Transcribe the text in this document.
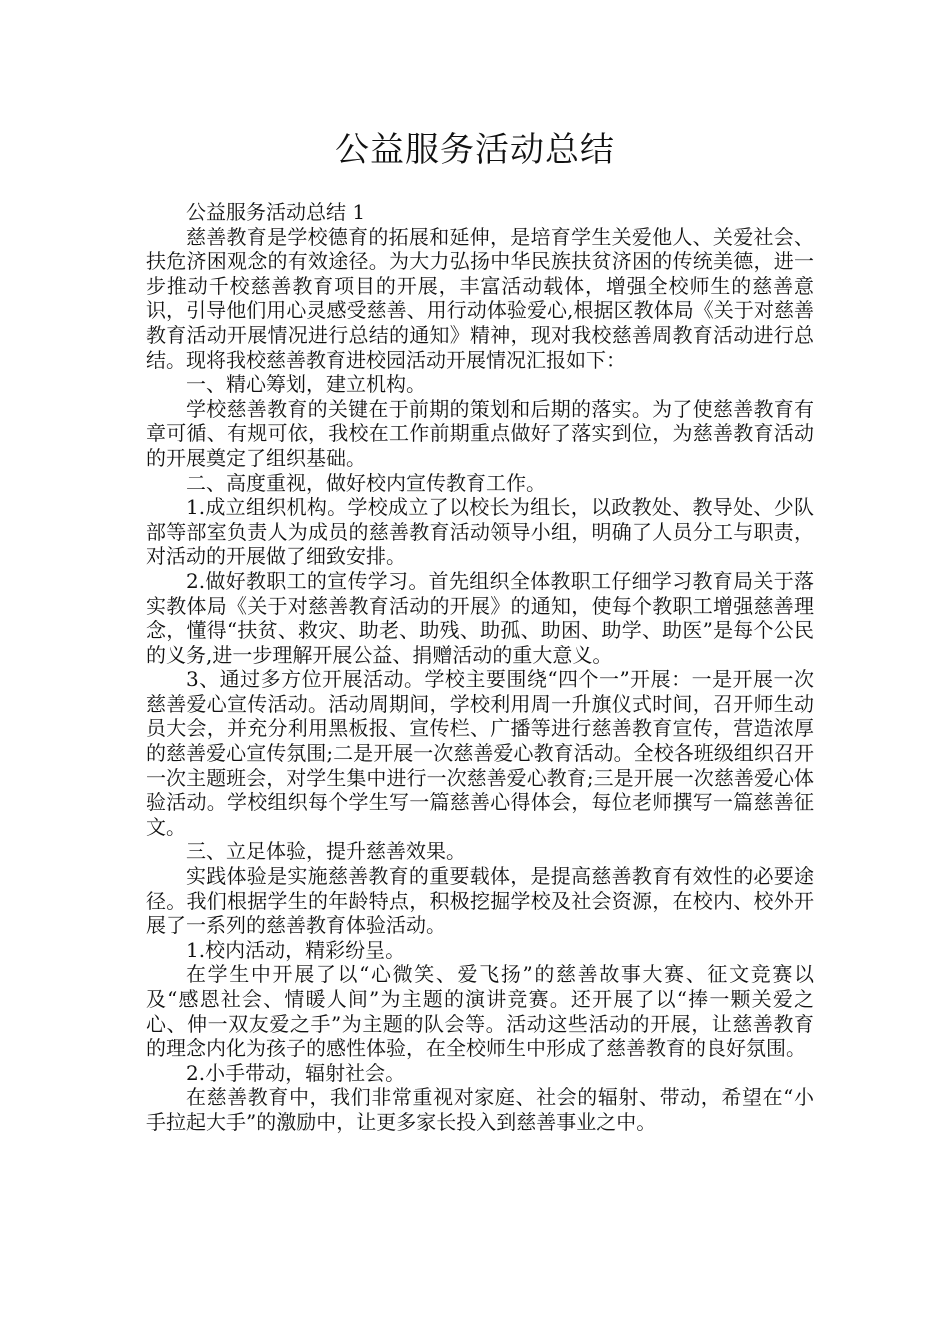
公益服务活动总结

公益服务活动总结 1

慈善教育是学校德育的拓展和延伸，是培育学生关爱他人、关爱社会、扶危济困观念的有效途径。为大力弘扬中华民族扶贫济困的传统美德，进一步推动千校慈善教育项目的开展，丰富活动载体，增强全校师生的慈善意识，引导他们用心灵感受慈善、用行动体验爱心,根据区教体局《关于对慈善教育活动开展情况进行总结的通知》精神，现对我校慈善周教育活动进行总结。现将我校慈善教育进校园活动开展情况汇报如下：

一、精心筹划，建立机构。

学校慈善教育的关键在于前期的策划和后期的落实。为了使慈善教育有章可循、有规可依，我校在工作前期重点做好了落实到位，为慈善教育活动的开展奠定了组织基础。

二、高度重视，做好校内宣传教育工作。

1.成立组织机构。学校成立了以校长为组长，以政教处、教导处、少队部等部室负责人为成员的慈善教育活动领导小组，明确了人员分工与职责，对活动的开展做了细致安排。

2.做好教职工的宣传学习。首先组织全体教职工仔细学习教育局关于落实教体局《关于对慈善教育活动的开展》的通知，使每个教职工增强慈善理念，懂得“扶贫、救灾、助老、助残、助孤、助困、助学、助医”是每个公民的义务,进一步理解开展公益、捐赠活动的重大意义。

3、通过多方位开展活动。学校主要围绕“四个一”开展：一是开展一次慈善爱心宣传活动。活动周期间，学校利用周一升旗仪式时间，召开师生动员大会，并充分利用黑板报、宣传栏、广播等进行慈善教育宣传，营造浓厚的慈善爱心宣传氛围;二是开展一次慈善爱心教育活动。全校各班级组织召开一次主题班会，对学生集中进行一次慈善爱心教育;三是开展一次慈善爱心体验活动。学校组织每个学生写一篇慈善心得体会，每位老师撰写一篇慈善征文。

三、立足体验，提升慈善效果。

实践体验是实施慈善教育的重要载体，是提高慈善教育有效性的必要途径。我们根据学生的年龄特点，积极挖掘学校及社会资源，在校内、校外开展了一系列的慈善教育体验活动。

1.校内活动，精彩纷呈。

在学生中开展了以“心微笑、爱飞扬”的慈善故事大赛、征文竞赛以及“感恩社会、情暖人间”为主题的演讲竞赛。还开展了以“捧一颗关爱之心、伸一双友爱之手”为主题的队会等。活动这些活动的开展，让慈善教育的理念内化为孩子的感性体验，在全校师生中形成了慈善教育的良好氛围。

2.小手带动，辐射社会。

在慈善教育中，我们非常重视对家庭、社会的辐射、带动，希望在“小手拉起大手”的激励中，让更多家长投入到慈善事业之中。
